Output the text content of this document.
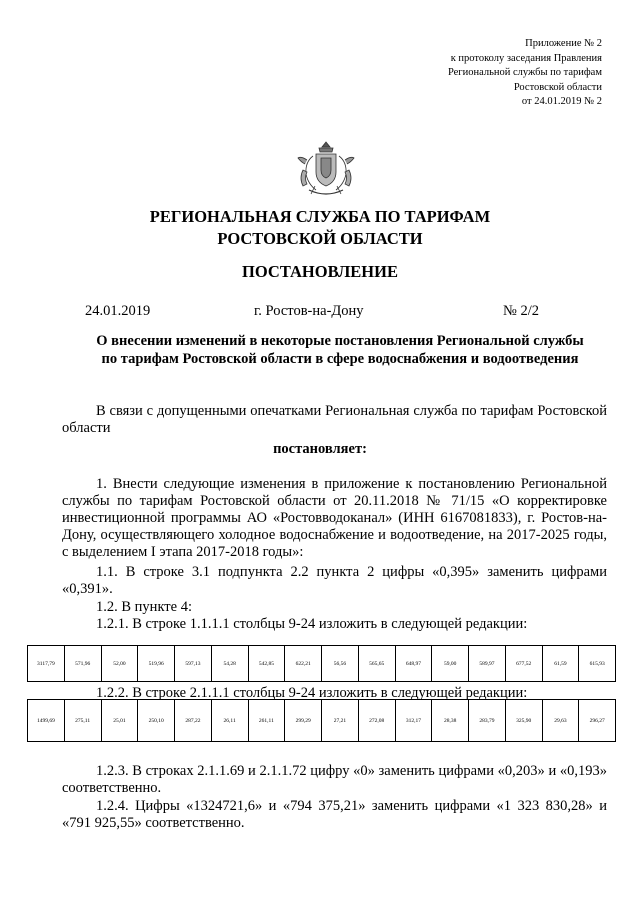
Приложение № 2
к протоколу заседания Правления
Региональной службы по тарифам
Ростовской области
от 24.01.2019 № 2
РЕГИОНАЛЬНАЯ СЛУЖБА ПО ТАРИФАМ
РОСТОВСКОЙ ОБЛАСТИ
ПОСТАНОВЛЕНИЕ
24.01.2019	г. Ростов-на-Дону	№ 2/2
О внесении изменений в некоторые постановления Региональной службы по тарифам Ростовской области в сфере водоснабжения и водоотведения
В связи с допущенными опечатками Региональная служба по тарифам Ростовской области
постановляет:
1. Внести следующие изменения в приложение к постановлению Региональной службы по тарифам Ростовской области от 20.11.2018 № 71/15 «О корректировке инвестиционной программы АО «Ростовводоканал» (ИНН 6167081833), г. Ростов-на-Дону, осуществляющего холодное водоснабжение и водоотведение, на 2017-2025 годы, с выделением I этапа 2017-2018 годы»:
1.1. В строке 3.1 подпункта 2.2 пункта 2 цифры «0,395» заменить цифрами «0,391».
1.2. В пункте 4:
1.2.1. В строке 1.1.1.1 столбцы 9-24 изложить в следующей редакции:
3117,79	571,96	52,00	519,96	597,13	54,28	542,85	622,21	56,56	565,65	648,97	59,00	589,97	677,52	61,59	615,93
1.2.2. В строке 2.1.1.1 столбцы 9-24 изложить в следующей редакции:
1499,69	275,11	25,01	250,10	287,22	26,11	261,11	299,29	27,21	272,08	312,17	28,38	283,79	325,90	29,63	296,27
1.2.3. В строках 2.1.1.69 и 2.1.1.72 цифру «0» заменить цифрами «0,203» и «0,193» соответственно.
1.2.4. Цифры «1324721,6» и «794 375,21» заменить цифрами «1 323 830,28» и «791 925,55» соответственно.
